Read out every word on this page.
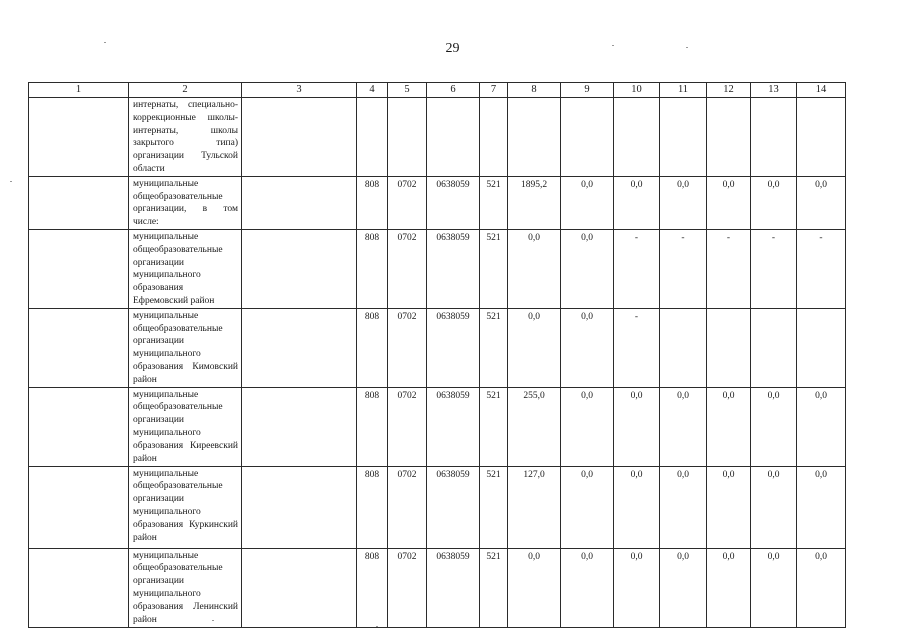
29
1	2	3	4	5	6	7	8	9	10	11	12	13	14
	интернаты, специально-коррекционные школы-интернаты, школы закрытого типа) организации Тульской области												
	муниципальные общеобразовательные организации, в том числе:		808	0702	0638059	521	1895,2	0,0	0,0	0,0	0,0	0,0	0,0
	муниципальные общеобразовательные организации муниципального образования Ефремовский район		808	0702	0638059	521	0,0	0,0	-	-	-	-	-
	муниципальные общеобразовательные организации муниципального образования Кимовский район		808	0702	0638059	521	0,0	0,0	-				
	муниципальные общеобразовательные организации муниципального образования Киреевский район		808	0702	0638059	521	255,0	0,0	0,0	0,0	0,0	0,0	0,0
	муниципальные общеобразовательные организации муниципального образования Куркинский район		808	0702	0638059	521	127,0	0,0	0,0	0,0	0,0	0,0	0,0
	муниципальные общеобразовательные организации муниципального образования Ленинский район		808	0702	0638059	521	0,0	0,0	0,0	0,0	0,0	0,0	0,0
